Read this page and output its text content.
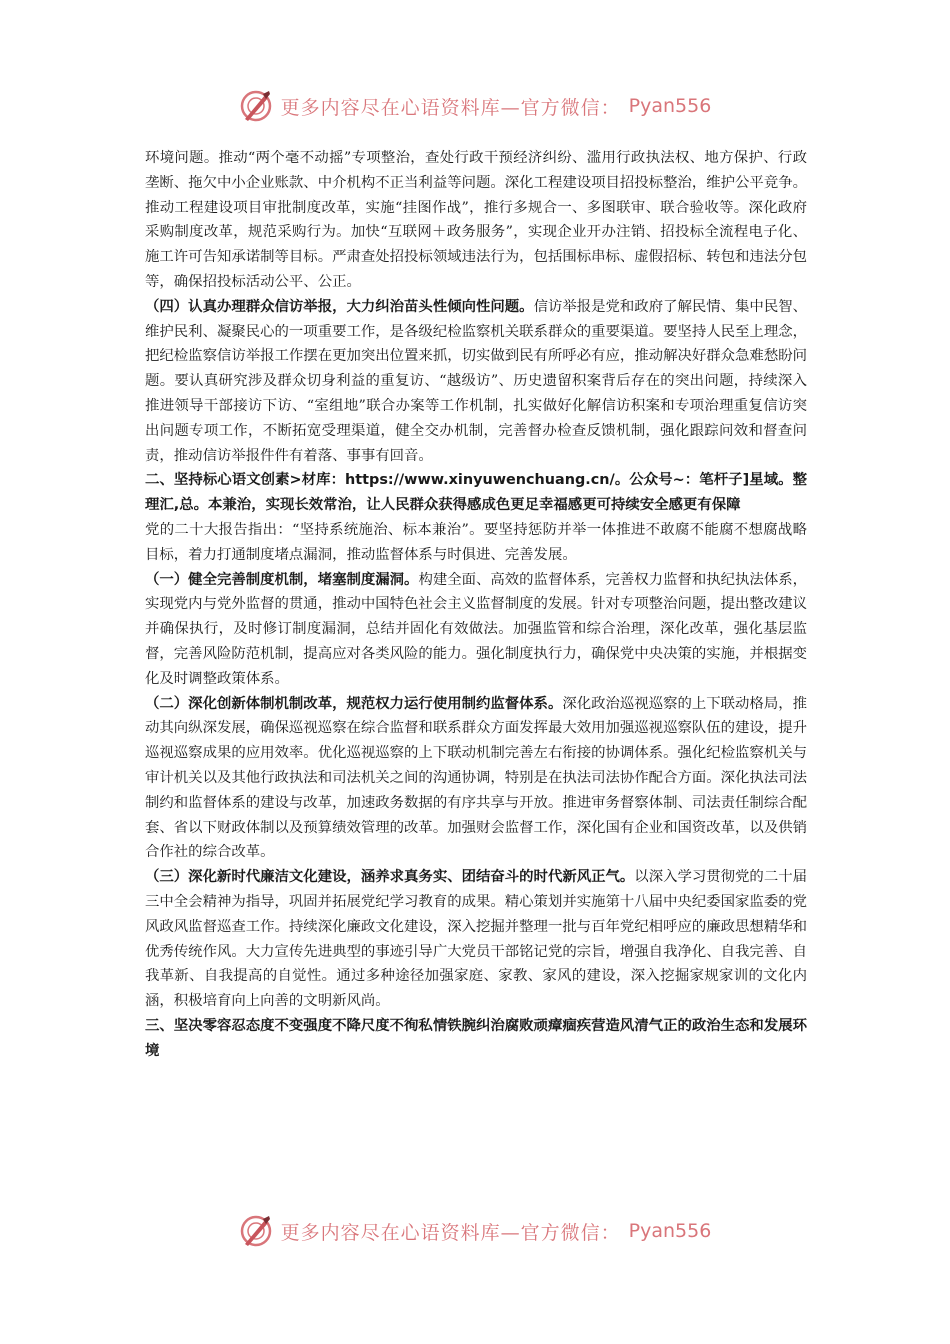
更多内容尽在心语资料库—官方微信： Pyan556

环境问题。推动“两个毫不动摇”专项整治，查处行政干预经济纠纷、滥用行政执法权、地方保护、行政垄断、拖欠中小企业账款、中介机构不正当利益等问题。深化工程建设项目招投标整治，维护公平竞争。推动工程建设项目审批制度改革，实施“挂图作战”，推行多规合一、多图联审、联合验收等。深化政府采购制度改革，规范采购行为。加快“互联网＋政务服务”，实现企业开办注销、招投标全流程电子化、施工许可告知承诺制等目标。严肃查处招投标领域违法行为，包括围标串标、虚假招标、转包和违法分包等，确保招投标活动公平、公正。

（四）认真办理群众信访举报，大力纠治苗头性倾向性问题。信访举报是党和政府了解民情、集中民智、维护民利、凝聚民心的一项重要工作，是各级纪检监察机关联系群众的重要渠道。要坚持人民至上理念，把纪检监察信访举报工作摆在更加突出位置来抓，切实做到民有所呼必有应，推动解决好群众急难愁盼问题。要认真研究涉及群众切身利益的重复访、“越级访”、历史遗留积案背后存在的突出问题，持续深入推进领导干部接访下访、“室组地”联合办案等工作机制，扎实做好化解信访积案和专项治理重复信访突出问题专项工作，不断拓宽受理渠道，健全交办机制，完善督办检查反馈机制，强化跟踪问效和督查问责，推动信访举报件件有着落、事事有回音。

二、坚持标心语文创素>材库：https://www.xinyuwenchuang.cn/。公众号~：笔杆子]星域。整理汇,总。本兼治，实现长效常治，让人民群众获得感成色更足幸福感更可持续安全感更有保障

党的二十大报告指出：“坚持系统施治、标本兼治”。要坚持惩防并举一体推进不敢腐不能腐不想腐战略目标，着力打通制度堵点漏洞，推动监督体系与时俱进、完善发展。

（一）健全完善制度机制，堵塞制度漏洞。构建全面、高效的监督体系，完善权力监督和执纪执法体系，实现党内与党外监督的贯通，推动中国特色社会主义监督制度的发展。针对专项整治问题，提出整改建议并确保执行，及时修订制度漏洞，总结并固化有效做法。加强监管和综合治理，深化改革，强化基层监督，完善风险防范机制，提高应对各类风险的能力。强化制度执行力，确保党中央决策的实施，并根据变化及时调整政策体系。

（二）深化创新体制机制改革，规范权力运行使用制约监督体系。深化政治巡视巡察的上下联动格局，推动其向纵深发展，确保巡视巡察在综合监督和联系群众方面发挥最大效用加强巡视巡察队伍的建设，提升巡视巡察成果的应用效率。优化巡视巡察的上下联动机制完善左右衔接的协调体系。强化纪检监察机关与审计机关以及其他行政执法和司法机关之间的沟通协调，特别是在执法司法协作配合方面。深化执法司法制约和监督体系的建设与改革，加速政务数据的有序共享与开放。推进审务督察体制、司法责任制综合配套、省以下财政体制以及预算绩效管理的改革。加强财会监督工作，深化国有企业和国资改革，以及供销合作社的综合改革。

（三）深化新时代廉洁文化建设，涵养求真务实、团结奋斗的时代新风正气。以深入学习贯彻党的二十届三中全会精神为指导，巩固并拓展党纪学习教育的成果。精心策划并实施第十八届中央纪委国家监委的党风政风监督巡查工作。持续深化廉政文化建设，深入挖掘并整理一批与百年党纪相呼应的廉政思想精华和优秀传统作风。大力宣传先进典型的事迹引导广大党员干部铭记党的宗旨，增强自我净化、自我完善、自我革新、自我提高的自觉性。通过多种途径加强家庭、家教、家风的建设，深入挖掘家规家训的文化内涵，积极培育向上向善的文明新风尚。

三、坚决零容忍态度不变强度不降尺度不徇私情铁腕纠治腐败顽瘴痼疾营造风清气正的政治生态和发展环境

更多内容尽在心语资料库—官方微信： Pyan556
